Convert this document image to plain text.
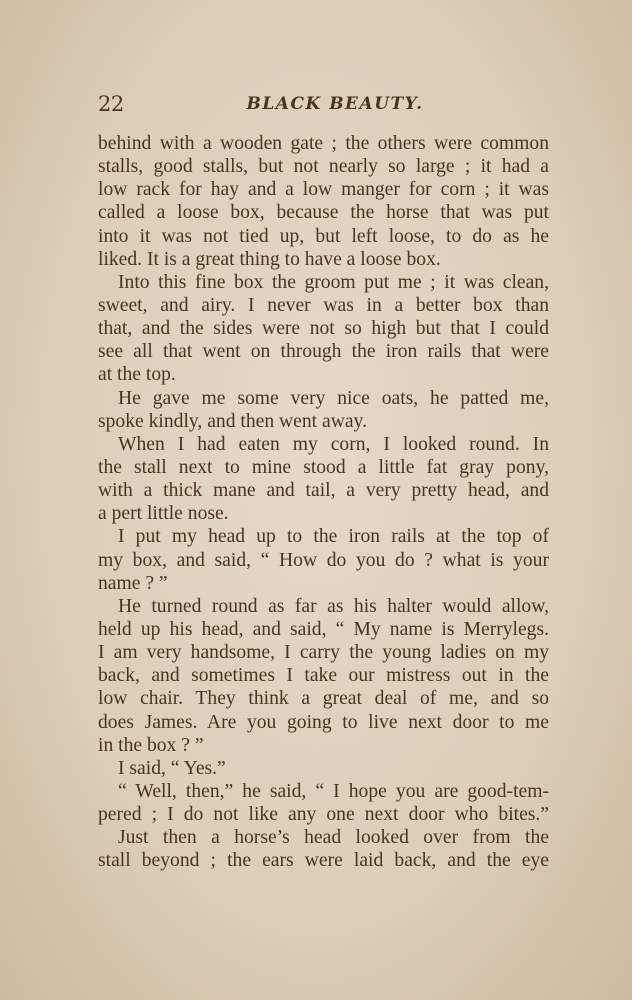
22	BLACK BEAUTY.
behind with a wooden gate ; the others were common
stalls, good stalls, but not nearly so large ; it had a
low rack for hay and a low manger for corn ; it was
called a loose box, because the horse that was put
into it was not tied up, but left loose, to do as he
liked. It is a great thing to have a loose box.
Into this fine box the groom put me ; it was clean,
sweet, and airy. I never was in a better box than
that, and the sides were not so high but that I could
see all that went on through the iron rails that were
at the top.
He gave me some very nice oats, he patted me,
spoke kindly, and then went away.
When I had eaten my corn, I looked round. In
the stall next to mine stood a little fat gray pony,
with a thick mane and tail, a very pretty head, and
a pert little nose.
I put my head up to the iron rails at the top of
my box, and said, “ How do you do ? what is your
name ? ”
He turned round as far as his halter would allow,
held up his head, and said, “ My name is Merrylegs.
I am very handsome, I carry the young ladies on my
back, and sometimes I take our mistress out in the
low chair. They think a great deal of me, and so
does James. Are you going to live next door to me
in the box ? ”
I said, “ Yes.”
“ Well, then,” he said, “ I hope you are good-tem-
pered ; I do not like any one next door who bites.”
Just then a horse’s head looked over from the
stall beyond ; the ears were laid back, and the eye
